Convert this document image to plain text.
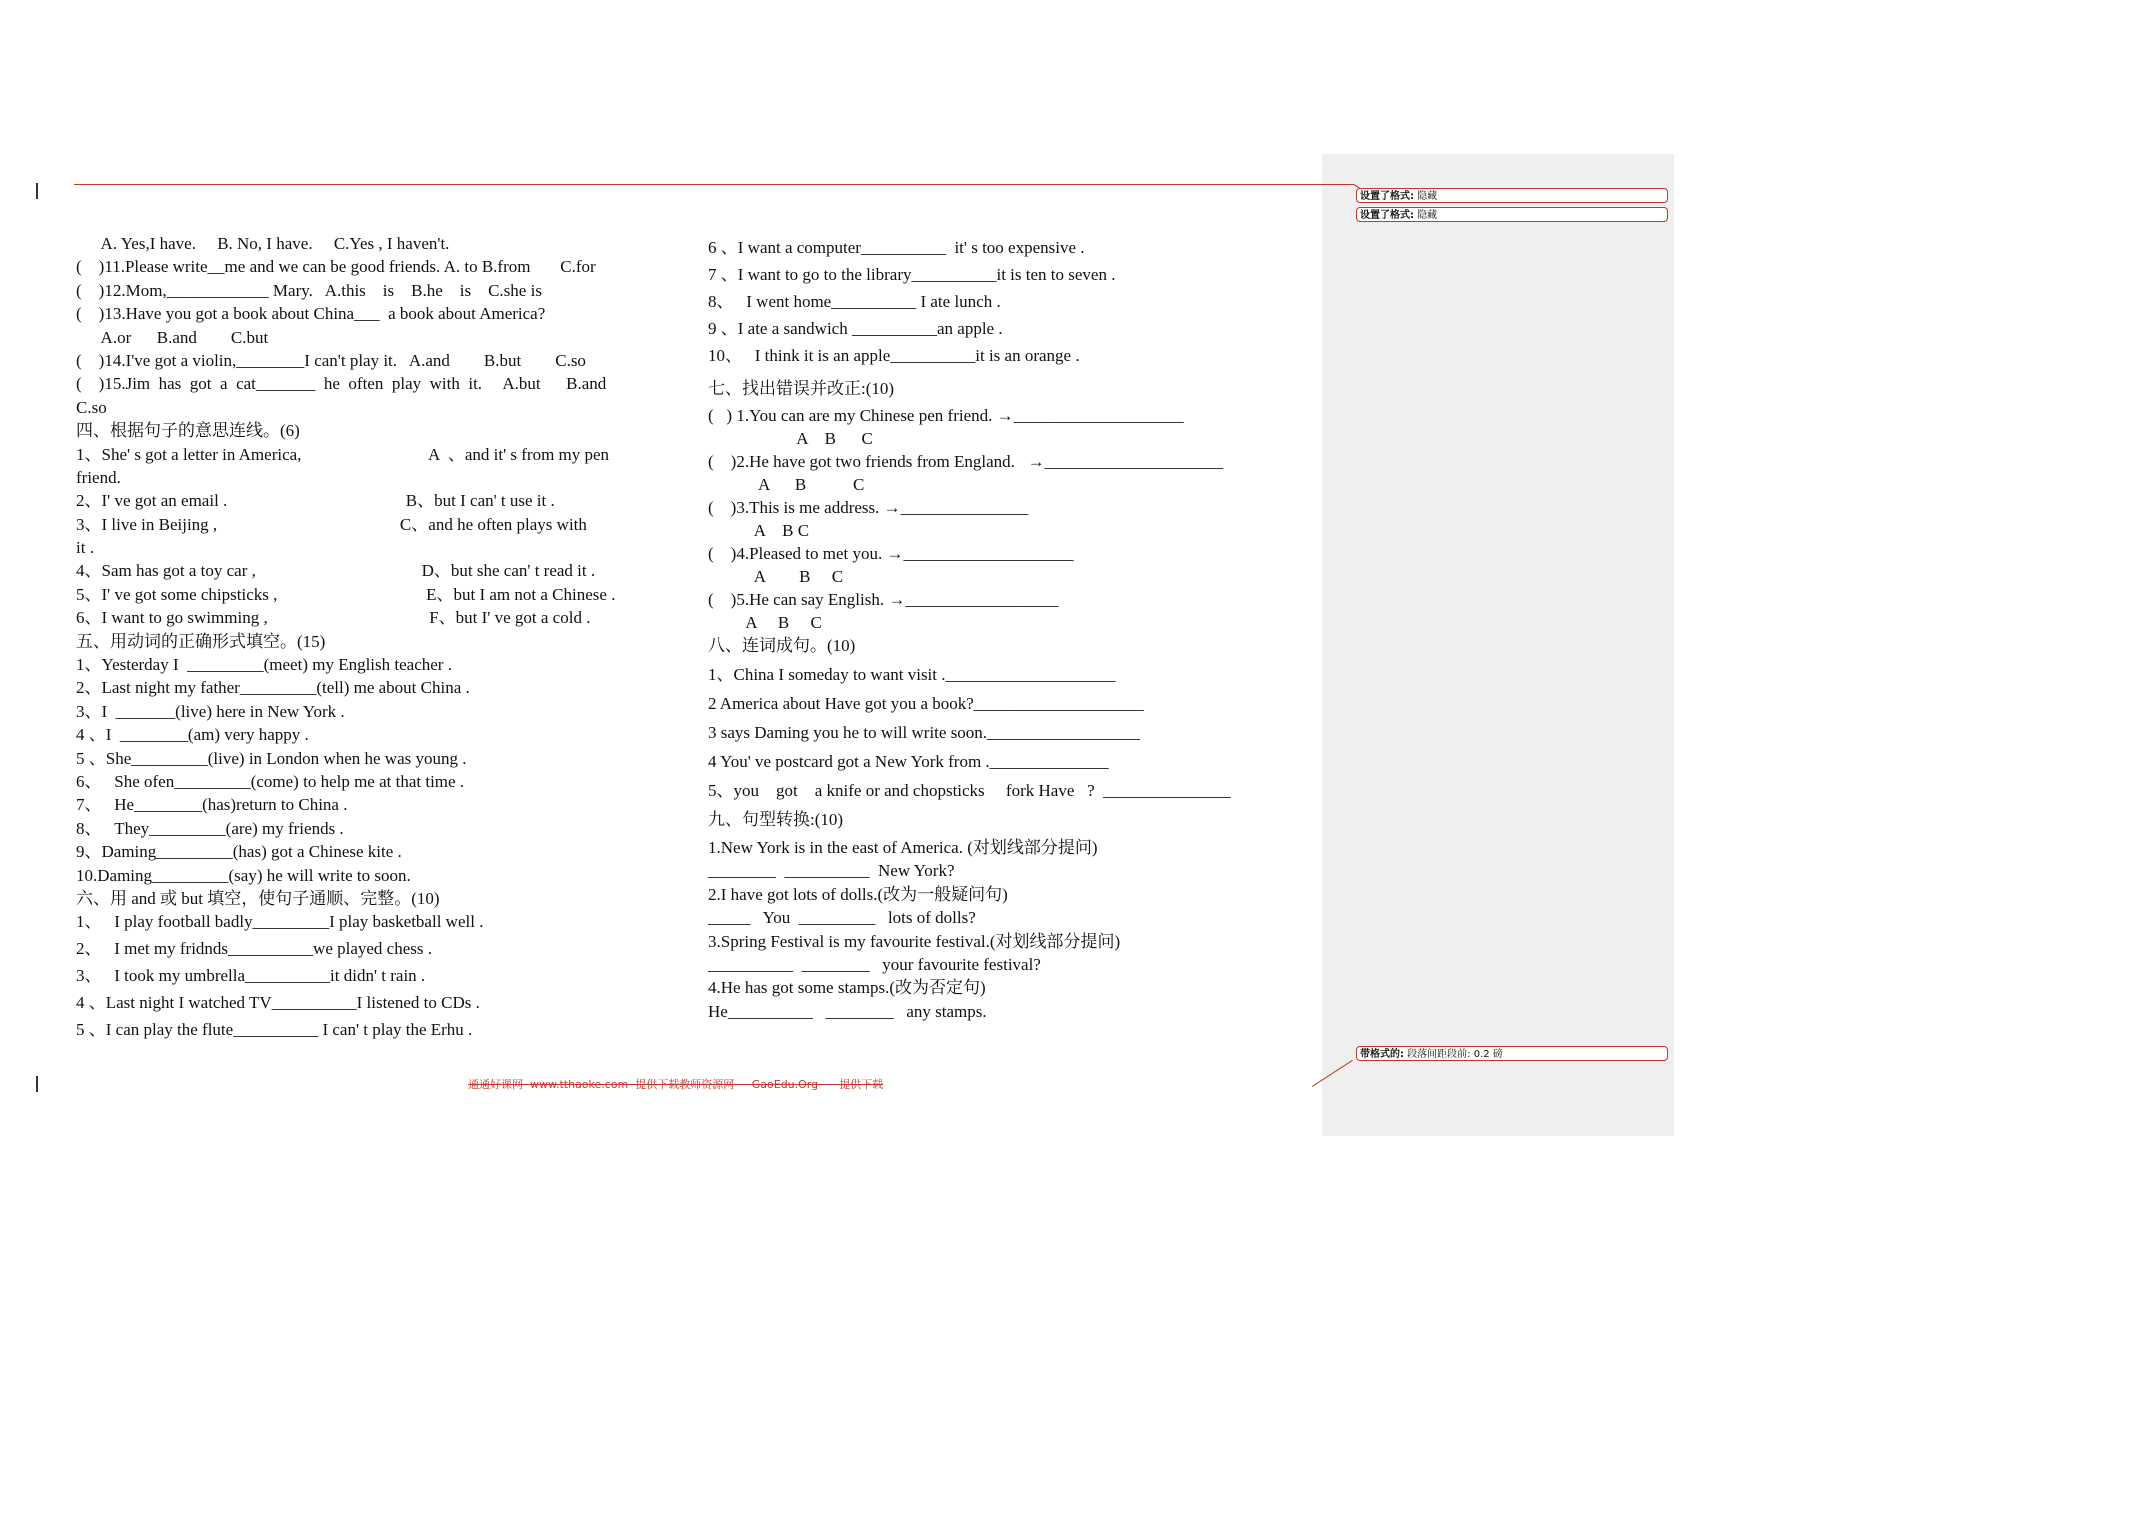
设置了格式: 隐藏
设置了格式: 隐藏
带格式的: 段落间距段前: 0.2 磅
A. Yes,I have.     B. No, I have.     C.Yes , I haven't.
(    )11.Please write__me and we can be good friends. A. to B.from       C.for
(    )12.Mom,____________ Mary.   A.this    is    B.he    is    C.she is
(    )13.Have you got a book about China___  a book about America?
A.or      B.and        C.but
(    )14.I've got a violin,________I can't play it.   A.and        B.but        C.so
(    )15.Jim  has  got  a  cat_______  he  often  play  with  it.     A.but      B.and
C.so
四、根据句子的意思连线。(6)
1、She' s got a letter in America,                              A  、and it' s from my pen
friend.
2、I' ve got an email .                                          B、but I can' t use it .
3、I live in Beijing ,                                           C、and he often plays with
it .
4、Sam has got a toy car ,                                       D、but she can' t read it .
5、I' ve got some chipsticks ,                                   E、but I am not a Chinese .
6、I want to go swimming ,                                      F、but I' ve got a cold .
五、用动词的正确形式填空。(15)
1、Yesterday I  _________(meet) my English teacher .
2、Last night my father_________(tell) me about China .
3、I  _______(live) here in New York .
4 、I  ________(am) very happy .
5 、She_________(live) in London when he was young .
6、   She ofen_________(come) to help me at that time .
7、   He________(has)return to China .
8、   They_________(are) my friends .
9、Daming_________(has) got a Chinese kite .
10.Daming_________(say) he will write to soon.
六、用 and 或 but 填空，使句子通顺、完整。(10)
1、   I play football badly_________I play basketball well .
2、   I met my fridnds__________we played chess .
3、   I took my umbrella__________it didn' t rain .
4 、Last night I watched TV__________I listened to CDs .
5 、I can play the flute__________ I can' t play the Erhu .
6 、I want a computer__________  it' s too expensive .
7 、I want to go to the library__________it is ten to seven .
8、   I went home__________ I ate lunch .
9 、I ate a sandwich __________an apple .
10、   I think it is an apple__________it is an orange .
七、找出错误并改正:(10)
(   ) 1.You can are my Chinese pen friend. →____________________
A    B      C
(    )2.He have got two friends from England.   →_____________________
A      B           C
(    )3.This is me address. →_______________
A    B C
(    )4.Pleased to met you. →____________________
A        B     C
(    )5.He can say English. →__________________
A     B     C
八、连词成句。(10)
1、China I someday to want visit .____________________
2 America about Have got you a book?____________________
3 says Daming you he to will write soon.__________________
4 You' ve postcard got a New York from .______________
5、you    got    a knife or and chopsticks     fork Have   ?  _______________
九、句型转换:(10)
1.New York is in the east of America. (对划线部分提问)
________  __________  New York?
2.I have got lots of dolls.(改为一般疑问句)
_____   You  _________   lots of dolls?
3.Spring Festival is my favourite festival.(对划线部分提问)
__________  ________   your favourite festival?
4.He has got some stamps.(改为否定句)
He__________   ________   any stamps.
通通好课网  www.tthaoke.com  提供下载教师资源网     GaoEdu.Org      提供下载
